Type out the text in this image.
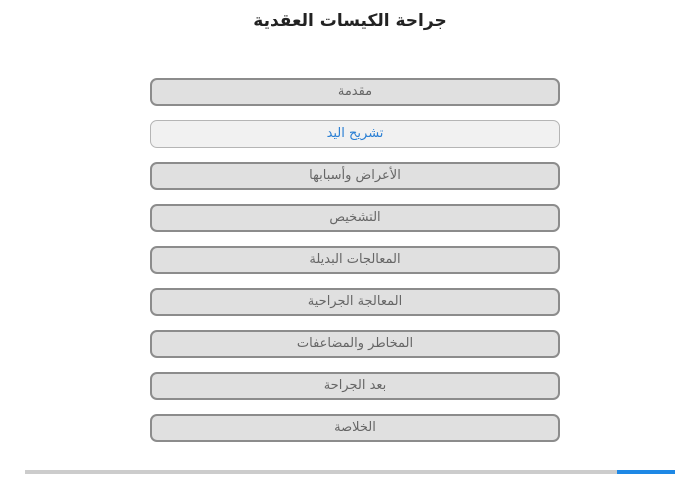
جراحة الكيسات العقدية
مقدمة
تشريح اليد
الأعراض وأسبابها
التشخيص
المعالجات البديلة
المعالجة الجراحية
المخاطر والمضاعفات
بعد الجراحة
الخلاصة
